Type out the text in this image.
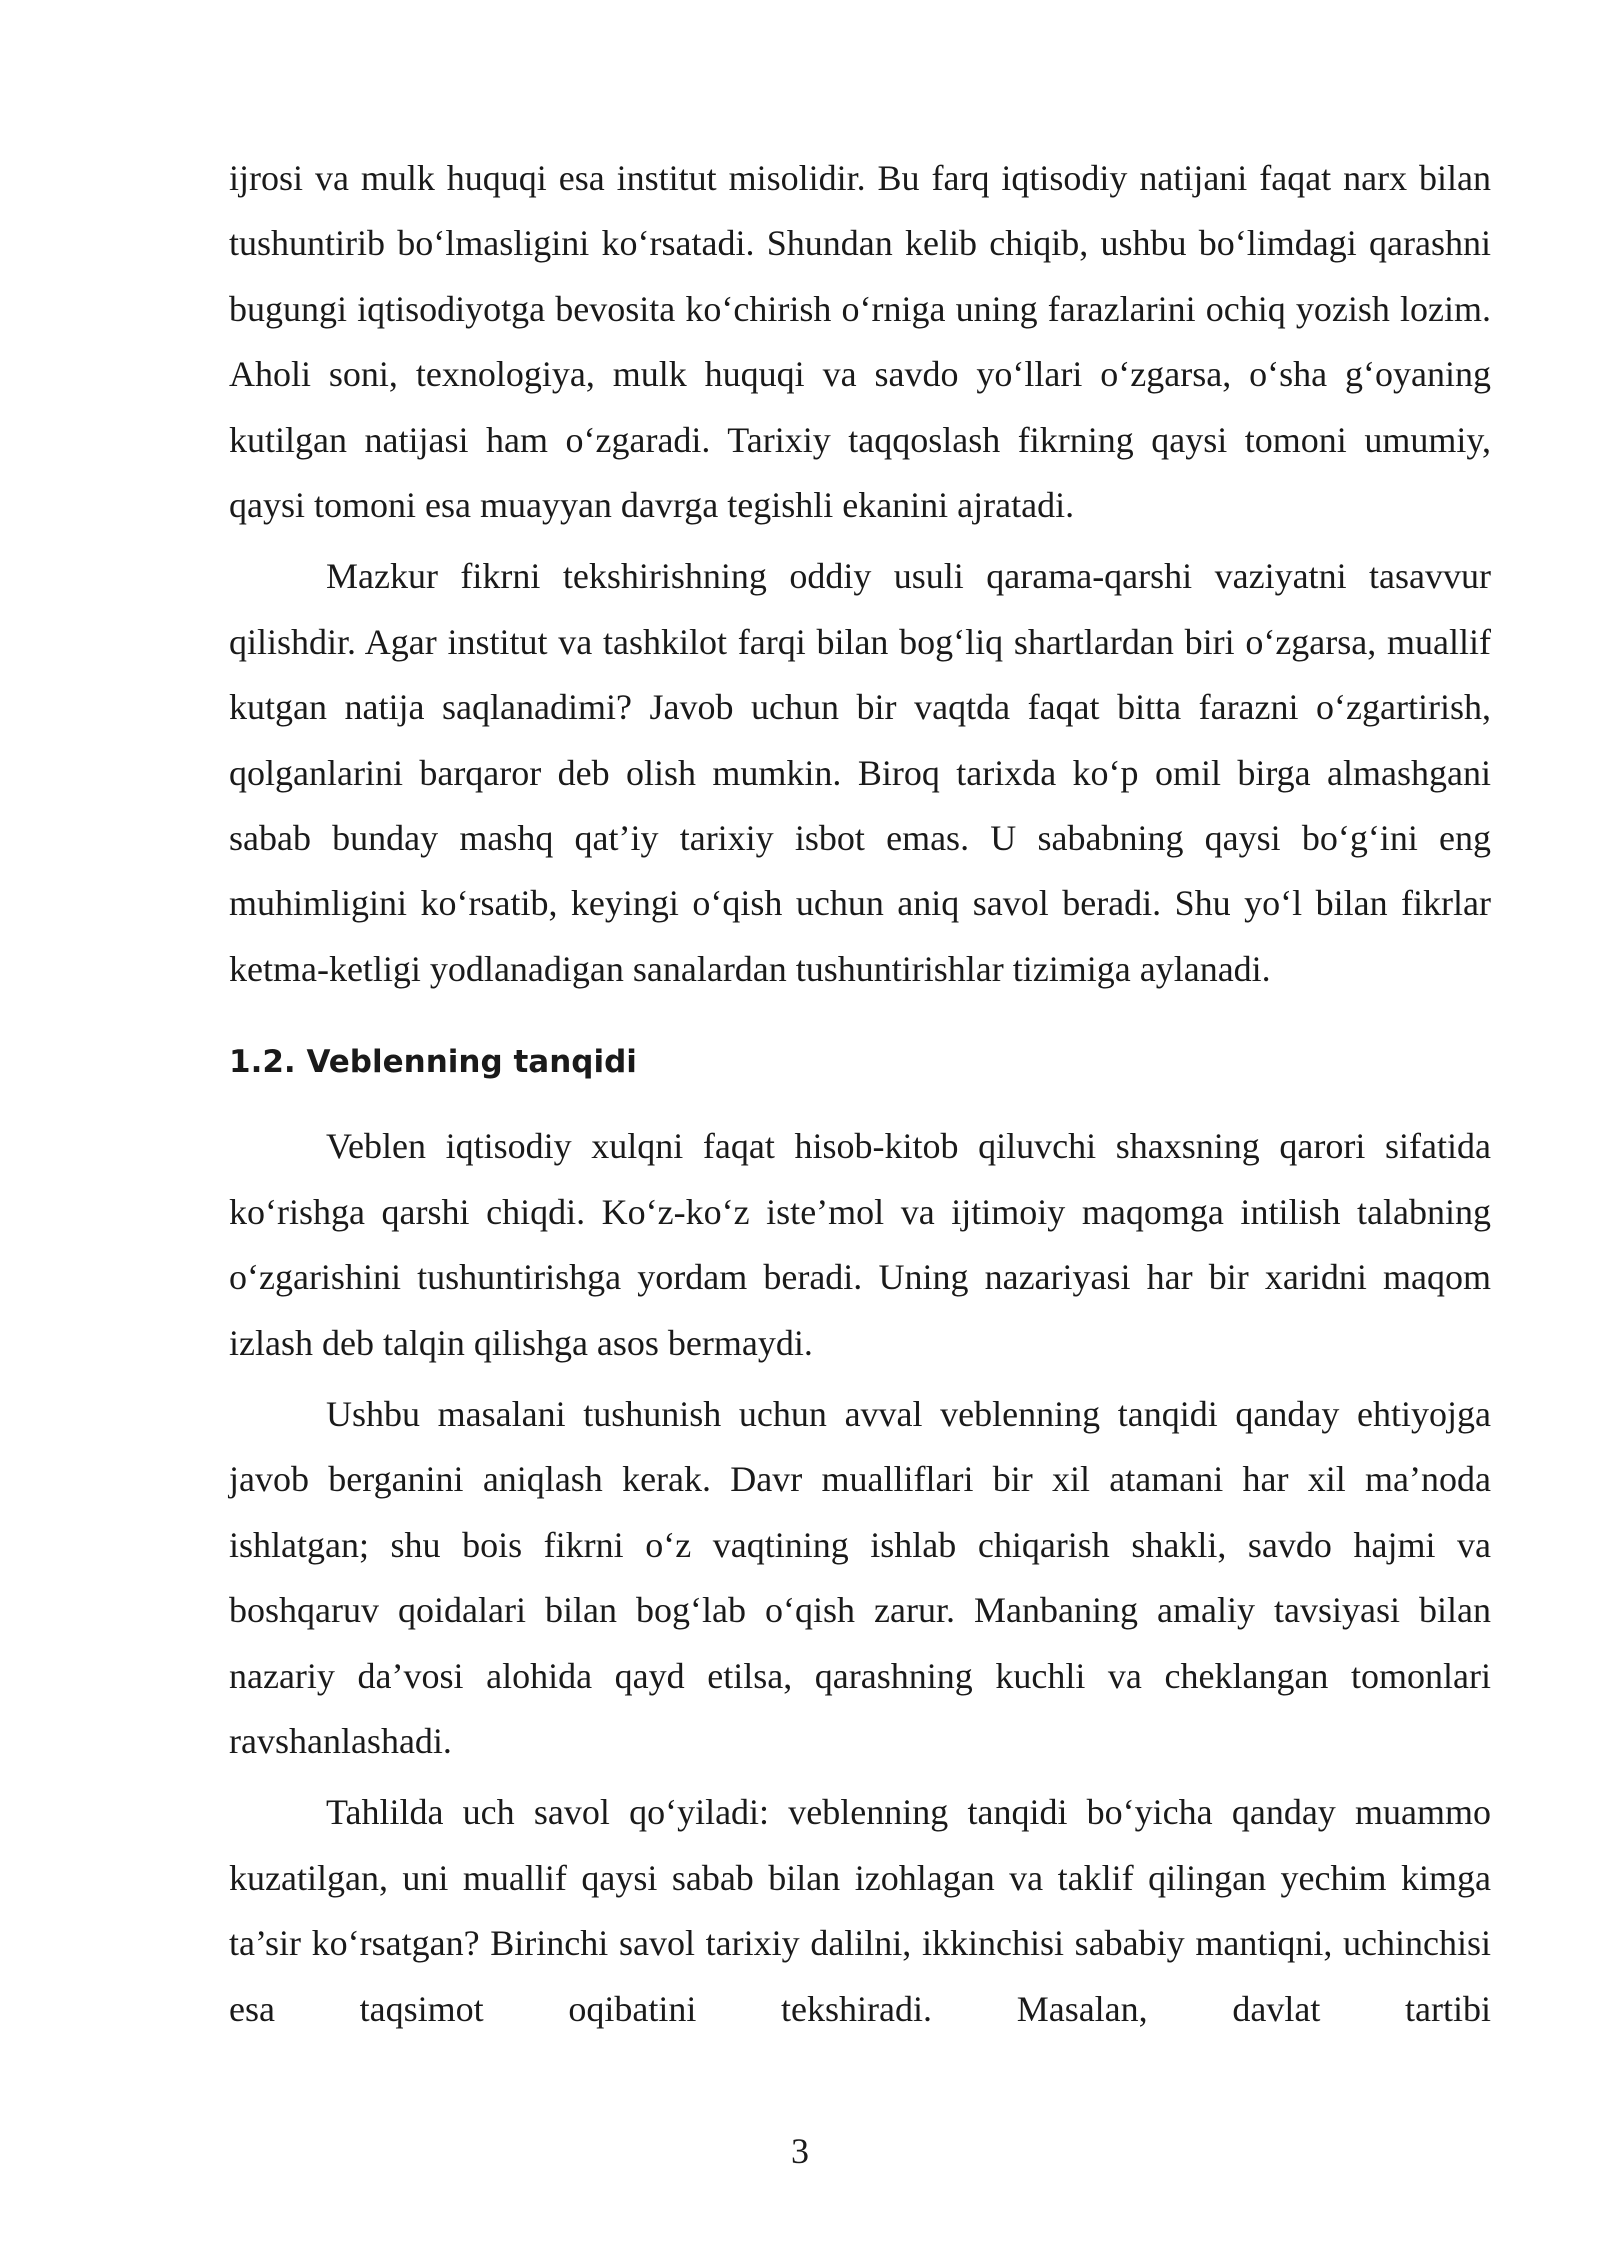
ijrosi va mulk huquqi esa institut misolidir. Bu farq iqtisodiy natijani faqat narx bilan tushuntirib bo‘lmasligini ko‘rsatadi. Shundan kelib chiqib, ushbu bo‘limdagi qarashni bugungi iqtisodiyotga bevosita ko‘chirish o‘rniga uning farazlarini ochiq yozish lozim. Aholi soni, texnologiya, mulk huquqi va savdo yo‘llari o‘zgarsa, o‘sha g‘oyaning kutilgan natijasi ham o‘zgaradi. Tarixiy taqqoslash fikrning qaysi tomoni umumiy, qaysi tomoni esa muayyan davrga tegishli ekanini ajratadi.

Mazkur fikrni tekshirishning oddiy usuli qarama-qarshi vaziyatni tasavvur qilishdir. Agar institut va tashkilot farqi bilan bog‘liq shartlardan biri o‘zgarsa, muallif kutgan natija saqlanadimi? Javob uchun bir vaqtda faqat bitta farazni o‘zgartirish, qolganlarini barqaror deb olish mumkin. Biroq tarixda ko‘p omil birga almashgani sabab bunday mashq qat’iy tarixiy isbot emas. U sababning qaysi bo‘g‘ini eng muhimligini ko‘rsatib, keyingi o‘qish uchun aniq savol beradi. Shu yo‘l bilan fikrlar ketma-ketligi yodlanadigan sanalardan tushuntirishlar tizimiga aylanadi.

1.2. Veblenning tanqidi

Veblen iqtisodiy xulqni faqat hisob-kitob qiluvchi shaxsning qarori sifatida ko‘rishga qarshi chiqdi. Ko‘z-ko‘z iste’mol va ijtimoiy maqomga intilish talabning o‘zgarishini tushuntirishga yordam beradi. Uning nazariyasi har bir xaridni maqom izlash deb talqin qilishga asos bermaydi.

Ushbu masalani tushunish uchun avval veblenning tanqidi qanday ehtiyojga javob berganini aniqlash kerak. Davr mualliflari bir xil atamani har xil ma’noda ishlatgan; shu bois fikrni o‘z vaqtining ishlab chiqarish shakli, savdo hajmi va boshqaruv qoidalari bilan bog‘lab o‘qish zarur. Manbaning amaliy tavsiyasi bilan nazariy da’vosi alohida qayd etilsa, qarashning kuchli va cheklangan tomonlari ravshanlashadi.

Tahlilda uch savol qo‘yiladi: veblenning tanqidi bo‘yicha qanday muammo kuzatilgan, uni muallif qaysi sabab bilan izohlagan va taklif qilingan yechim kimga ta’sir ko‘rsatgan? Birinchi savol tarixiy dalilni, ikkinchisi sababiy mantiqni, uchinchisi esa taqsimot oqibatini tekshiradi. Masalan, davlat tartibi

3
